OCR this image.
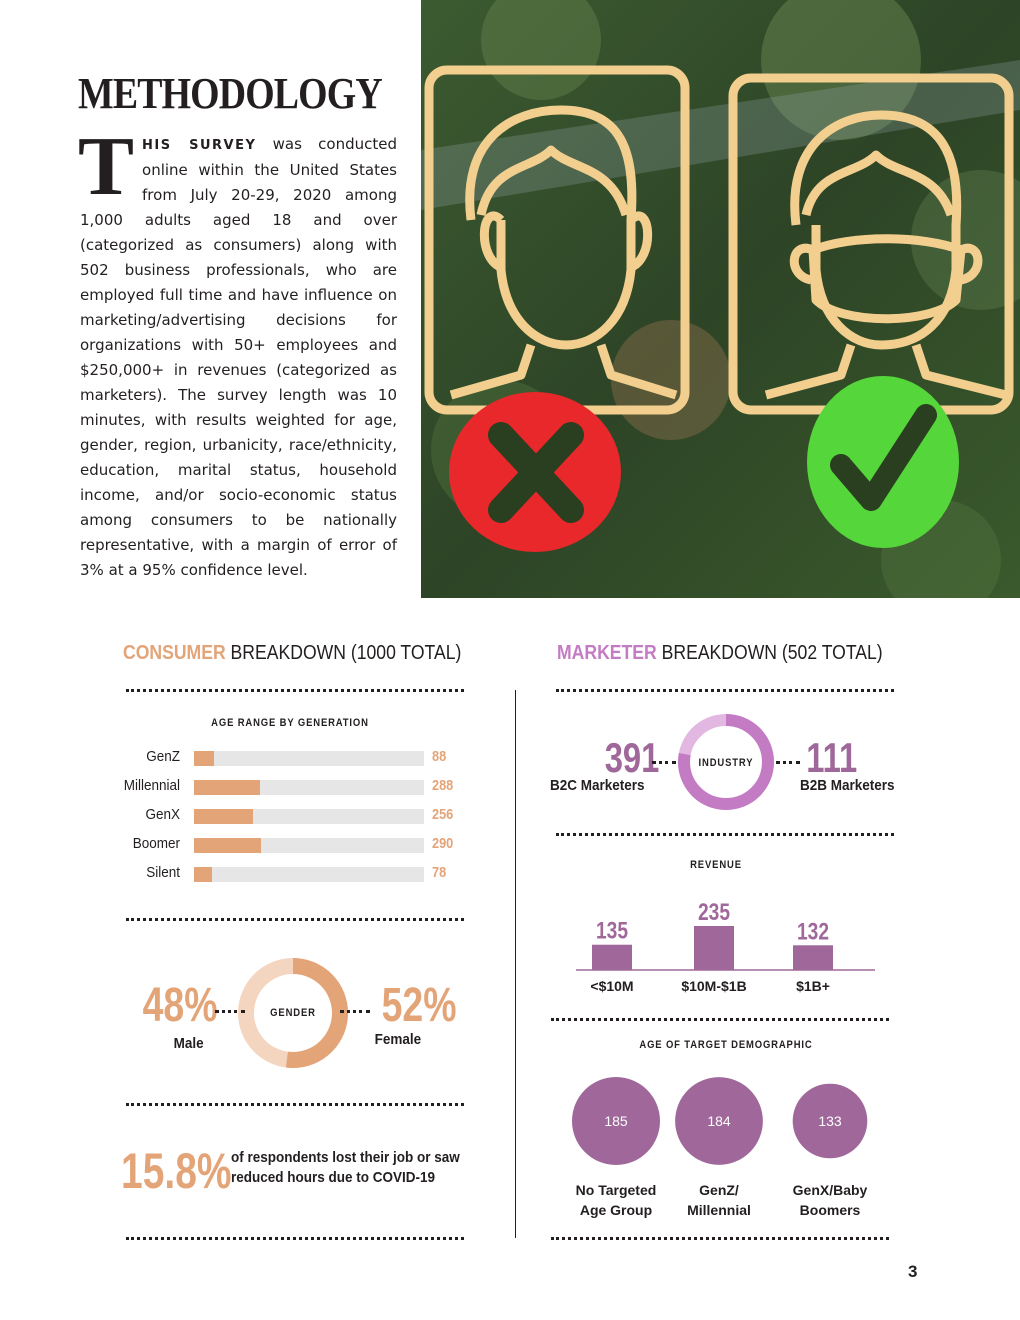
METHODOLOGY
THIS SURVEY was conducted online within the United States from July 20-29, 2020 among 1,000 adults aged 18 and over (categorized as consumers) along with 502 business professionals, who are employed full time and have influence on marketing/advertising decisions for organizations with 50+ employees and $250,000+ in revenues (categorized as marketers). The survey length was 10 minutes, with results weighted for age, gender, region, urbanicity, race/ethnicity, education, marital status, household income, and/or socio-economic status among consumers to be nationally representative, with a margin of error of 3% at a 95% confidence level.
CONSUMER BREAKDOWN (1000 TOTAL)
AGE RANGE BY GENERATION
GenZ	88
Millennial	288
GenX	256
Boomer	290
Silent	78
GENDER
48%
Male
52%
Female
15.8% of respondents lost their job or saw
reduced hours due to COVID-19
MARKETER BREAKDOWN (502 TOTAL)
INDUSTRY
391
B2C Marketers
111
B2B Marketers
REVENUE
135
<$10M
235
$10M-$1B
132
$1B+
AGE OF TARGET DEMOGRAPHIC
185
No Targeted Age Group
184
GenZ/ Millennial
133
GenX/Baby Boomers
3
